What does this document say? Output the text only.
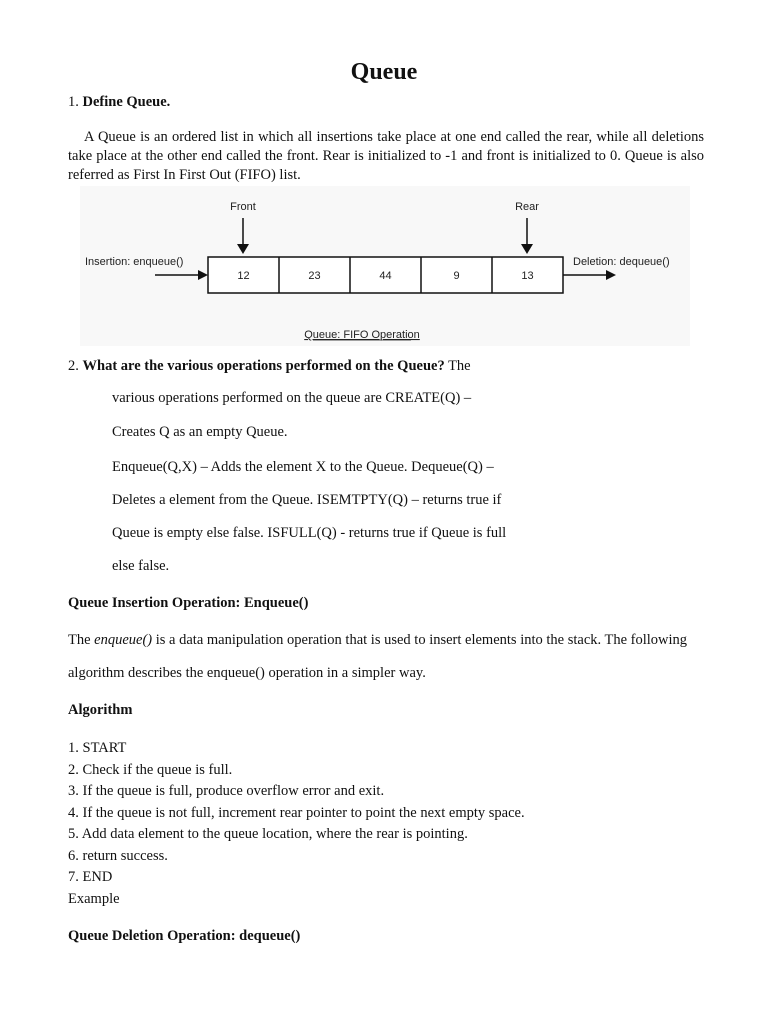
Queue
1. Define Queue.
A Queue is an ordered list in which all insertions take place at one end called the rear, while all deletions take place at the other end called the front. Rear is initialized to -1 and front is initialized to 0. Queue is also referred as First In First Out (FIFO) list.
Front	Rear
Insertion: enqueue()
12	23	44	9	13
Deletion: dequeue()
Queue: FIFO Operation
2. What are the various operations performed on the Queue? The
various operations performed on the queue are CREATE(Q) –
Creates Q as an empty Queue.
Enqueue(Q,X) – Adds the element X to the Queue. Dequeue(Q) –
Deletes a element from the Queue. ISEMTPTY(Q) – returns true if
Queue is empty else false. ISFULL(Q) - returns true if Queue is full
else false.
Queue Insertion Operation: Enqueue()
The enqueue() is a data manipulation operation that is used to insert elements into the stack. The following
algorithm describes the enqueue() operation in a simpler way.
Algorithm
1. START
2. Check if the queue is full.
3. If the queue is full, produce overflow error and exit.
4. If the queue is not full, increment rear pointer to point the next empty space.
5. Add data element to the queue location, where the rear is pointing.
6. return success.
7. END
Example
Queue Deletion Operation: dequeue()
